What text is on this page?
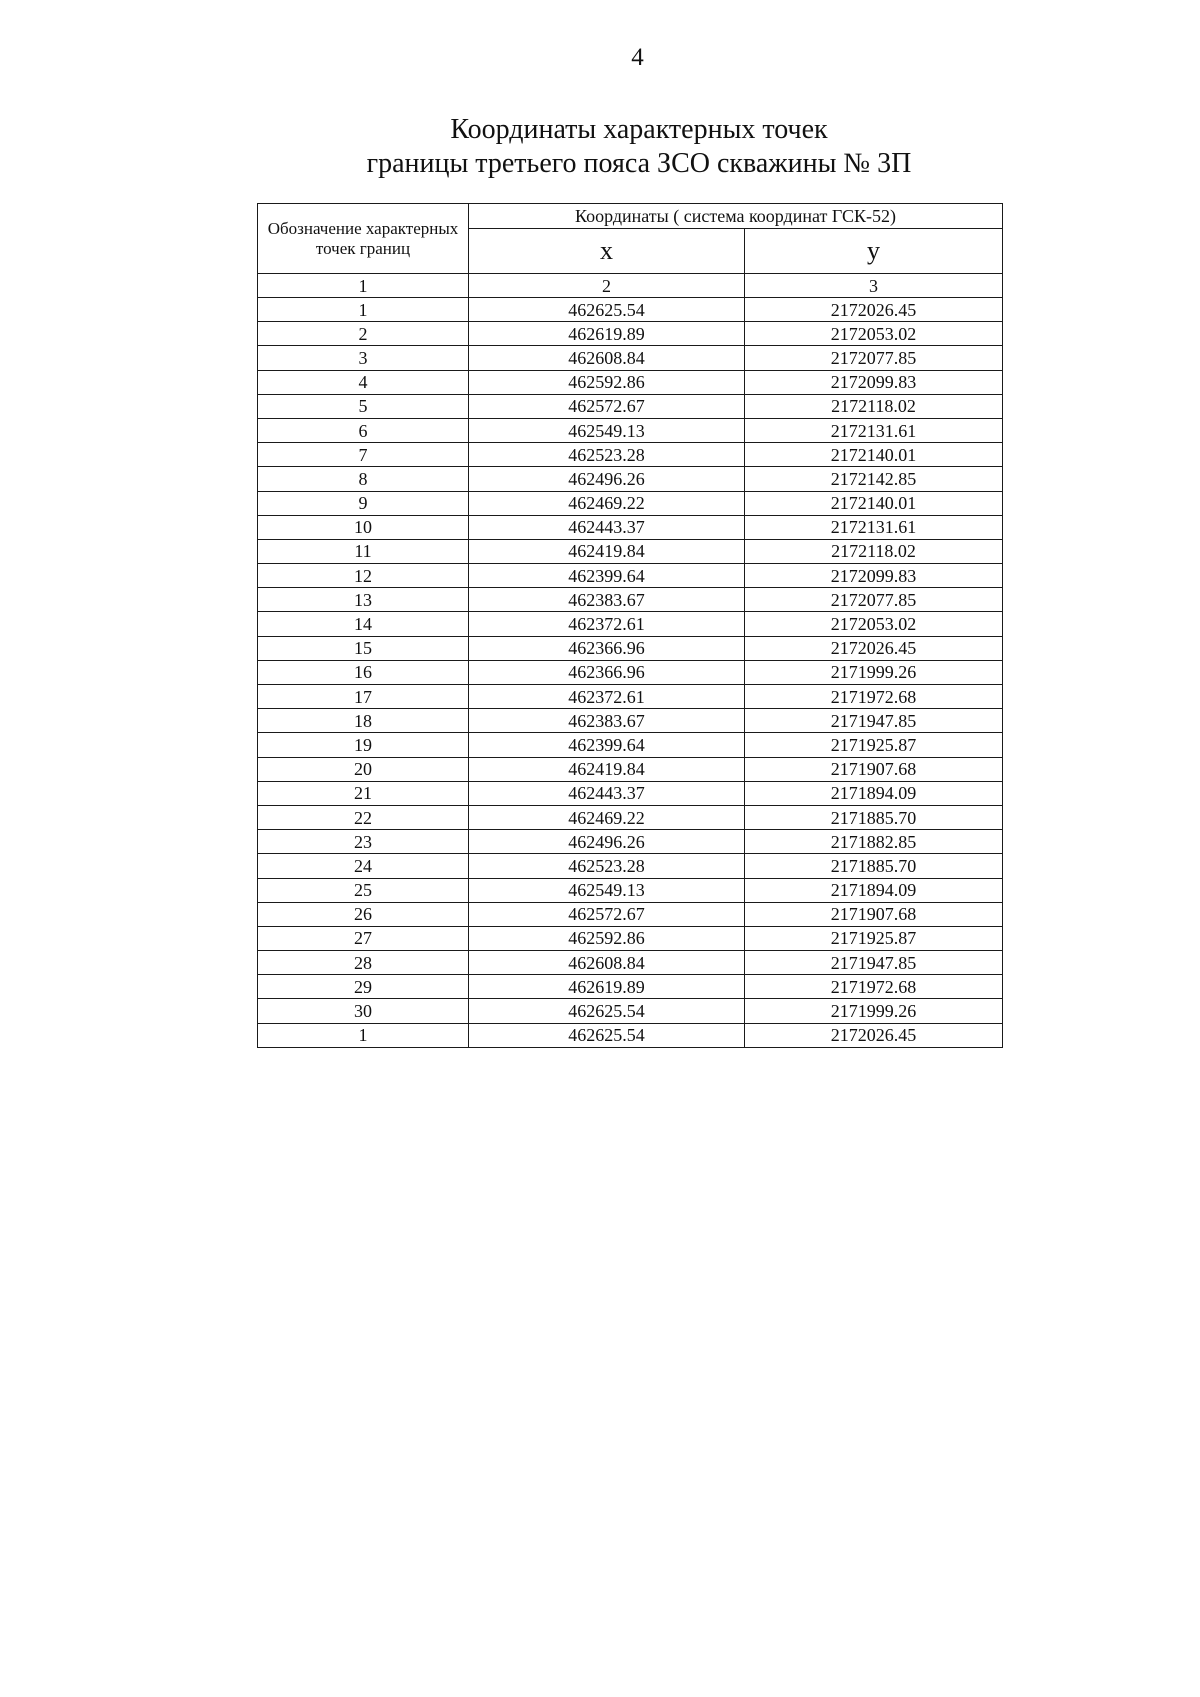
4
Координаты характерных точек
границы третьего пояса ЗСО скважины № 3П
Обозначение характерных точек границ	Координаты ( система координат ГСК-52)	
	x	y
1	2	3
1	462625.54	2172026.45
2	462619.89	2172053.02
3	462608.84	2172077.85
4	462592.86	2172099.83
5	462572.67	2172118.02
6	462549.13	2172131.61
7	462523.28	2172140.01
8	462496.26	2172142.85
9	462469.22	2172140.01
10	462443.37	2172131.61
11	462419.84	2172118.02
12	462399.64	2172099.83
13	462383.67	2172077.85
14	462372.61	2172053.02
15	462366.96	2172026.45
16	462366.96	2171999.26
17	462372.61	2171972.68
18	462383.67	2171947.85
19	462399.64	2171925.87
20	462419.84	2171907.68
21	462443.37	2171894.09
22	462469.22	2171885.70
23	462496.26	2171882.85
24	462523.28	2171885.70
25	462549.13	2171894.09
26	462572.67	2171907.68
27	462592.86	2171925.87
28	462608.84	2171947.85
29	462619.89	2171972.68
30	462625.54	2171999.26
1	462625.54	2172026.45
